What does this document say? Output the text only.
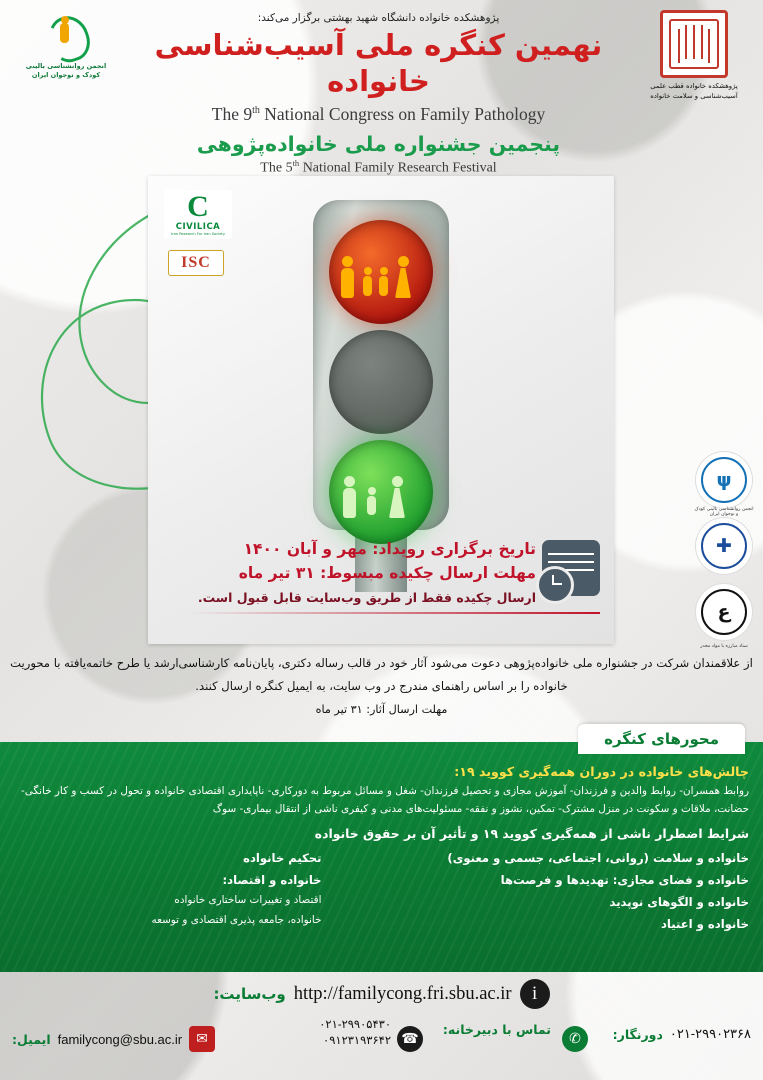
انجمن روانشناسی بالینی کودک و نوجوان ایران
پژوهشکده خانواده قطب علمی آسیب‌شناسی و سلامت خانواده
پژوهشکده خانواده دانشگاه شهید بهشتی برگزار می‌کند:
نهمین کنگره ملی آسیب‌شناسی خانواده
The 9th National Congress on Family Pathology
پنجمین جشنواره ملی خانواده‌پژوهی
The 5th National Family Research Festival
C
CIVILICA
Iran Research For Iran Society
ISC
تاریخ برگزاری رویداد: مهر و آبان ۱۴۰۰
مهلت ارسال چکیده مبسوط: ۳۱ تیر ماه
ارسال چکیده فقط از طریق وب‌سایت قابل قبول است.
ψ
انجمن روانشناسی بالینی کودک و نوجوان ایران
✚
ﻉ
ستاد مبارزه با مواد مخدر
از علاقمندان شرکت در جشنواره ملی خانواده‌پژوهی دعوت می‌شود آثار خود در قالب رساله دکتری، پایان‌نامه کارشناسی‌ارشد یا طرح خاتمه‌یافته با محوریت خانواده را بر اساس راهنمای مندرج در وب سایت، به ایمیل کنگره ارسال کنند.
مهلت ارسال آثار: ۳۱ تیر ماه
محورهای کنگره
چالش‌های خانواده در دوران همه‌گیری کووید ۱۹:
روابط همسران- روابط والدین و فرزندان- آموزش مجازی و تحصیل فرزندان- شغل و مسائل مربوط به دورکاری- ناپایداری اقتصادی خانواده و تحول در کسب و کار خانگی- حضانت، ملاقات و سکونت در منزل مشترک- تمکین، نشوز و نفقه- مسئولیت‌های مدنی و کیفری ناشی از انتقال بیماری- سوگ
شرایط اضطرار ناشی از همه‌گیری کووید ۱۹ و تأثیر آن بر حقوق خانواده
خانواده و سلامت (روانی، اجتماعی، جسمی و معنوی)
خانواده و فضای مجازی: تهدیدها و فرصت‌ها
خانواده و الگوهای نوپدید
خانواده و اعتیاد
تحکیم خانواده
خانواده و اقتصاد:
اقتصاد و تغییرات ساختاری خانواده
خانواده، جامعه پذیری اقتصادی و توسعه
i
http://familycong.fri.sbu.ac.ir
وب‌سایت:
۰۲۱-۲۹۹۰۲۳۶۸
دورنگار:
✆
تماس با دبیرخانه:
☎
۰۲۱-۲۹۹۰۵۴۳۰
۰۹۱۲۳۱۹۳۶۴۲
✉
familycong@sbu.ac.ir
ایمیل:
